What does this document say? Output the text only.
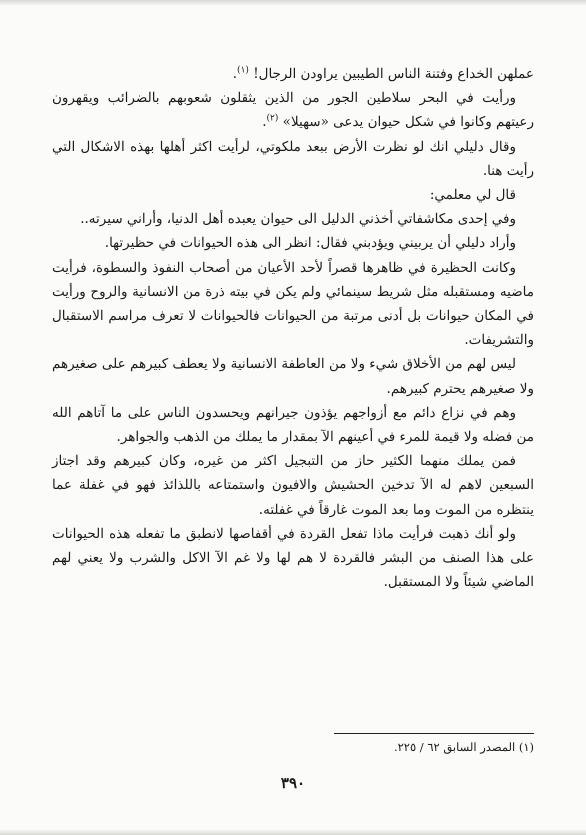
عملهن الخداع وفتنة الناس الطيبين يراودن الرجال! $^{(١)}$.

ورأيت في البحر سلاطين الجور من الذين يثقلون شعوبهم بالضرائب ويقهرون رعيتهم وكانوا في شكل حيوان يدعى «سهيلا» $^{(٢)}$.

وقال دليلي انك لو نظرت الأرض ببعد ملكوتي، لرأيت اكثر أهلها بهذه الاشكال التي رأيت هنا.

قال لي معلمي:

وفي إحدى مكاشفاتي أخذني الدليل الى حيوان يعبده أهل الدنيا، وأراني سيرته..

وأراد دليلي أن يربيني ويؤدبني فقال: انظر الى هذه الحيوانات في حظيرتها.

وكانت الحظيرة في ظاهرها قصراً لأحد الأعيان من أصحاب النفوذ والسطوة، فرأيت ماضيه ومستقبله مثل شريط سينمائي ولم يكن في بيته ذرة من الانسانية والروح ورأيت في المكان حيوانات بل أدنى مرتبة من الحيوانات فالحيوانات لا تعرف مراسم الاستقبال والتشريفات.

ليس لهم من الأخلاق شيء ولا من العاطفة الانسانية ولا يعطف كبيرهم على صغيرهم ولا صغيرهم يحترم كبيرهم.

وهم في نزاع دائم مع أزواجهم يؤذون جيرانهم ويحسدون الناس على ما آتاهم الله من فضله ولا قيمة للمرء في أعينهم الآ بمقدار ما يملك من الذهب والجواهر.

فمن يملك منهما الكثير حاز من التبجيل اكثر من غيره، وكان كبيرهم وقد اجتاز السبعين لاهم له الآ تدخين الحشيش والافيون واستمتاعه باللذائذ فهو في غفلة عما ينتظره من الموت وما بعد الموت غارقاً في غفلته.

ولو أنك ذهبت فرأيت ماذا تفعل القردة في أقفاصها لانطبق ما تفعله هذه الحيوانات على هذا الصنف من البشر فالقردة لا هم لها ولا غم الآ الاكل والشرب ولا يعني لهم الماضي شيئاً ولا المستقبل.

(١) المصدر السابق ٦٢ / ٢٢٥.
٣٩٠
